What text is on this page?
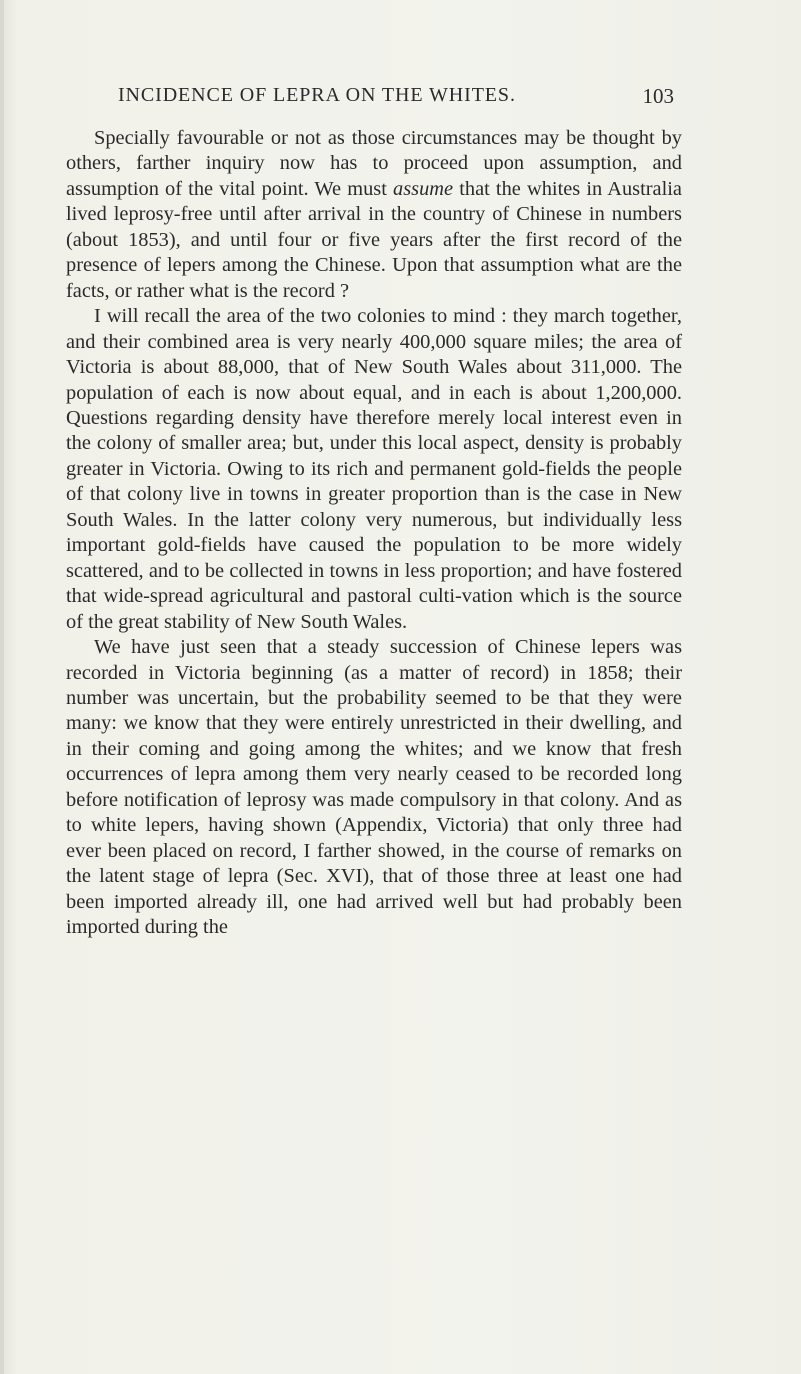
INCIDENCE OF LEPRA ON THE WHITES.	103

Specially favourable or not as those circumstances may be thought by others, farther inquiry now has to proceed upon assumption, and assumption of the vital point. We must assume that the whites in Australia lived leprosy-free until after arrival in the country of Chinese in numbers (about 1853), and until four or five years after the first record of the presence of lepers among the Chinese. Upon that assumption what are the facts, or rather what is the record ?

I will recall the area of the two colonies to mind : they march together, and their combined area is very nearly 400,000 square miles; the area of Victoria is about 88,000, that of New South Wales about 311,000. The population of each is now about equal, and in each is about 1,200,000. Questions regarding density have therefore merely local interest even in the colony of smaller area; but, under this local aspect, density is probably greater in Victoria. Owing to its rich and permanent gold-fields the people of that colony live in towns in greater proportion than is the case in New South Wales. In the latter colony very numerous, but individually less important gold-fields have caused the population to be more widely scattered, and to be collected in towns in less proportion; and have fostered that wide-spread agricultural and pastoral culti-vation which is the source of the great stability of New South Wales.

We have just seen that a steady succession of Chinese lepers was recorded in Victoria beginning (as a matter of record) in 1858; their number was uncertain, but the probability seemed to be that they were many: we know that they were entirely unrestricted in their dwelling, and in their coming and going among the whites; and we know that fresh occurrences of lepra among them very nearly ceased to be recorded long before notification of leprosy was made compulsory in that colony. And as to white lepers, having shown (Appendix, Victoria) that only three had ever been placed on record, I farther showed, in the course of remarks on the latent stage of lepra (Sec. XVI), that of those three at least one had been imported already ill, one had arrived well but had probably been imported during the
